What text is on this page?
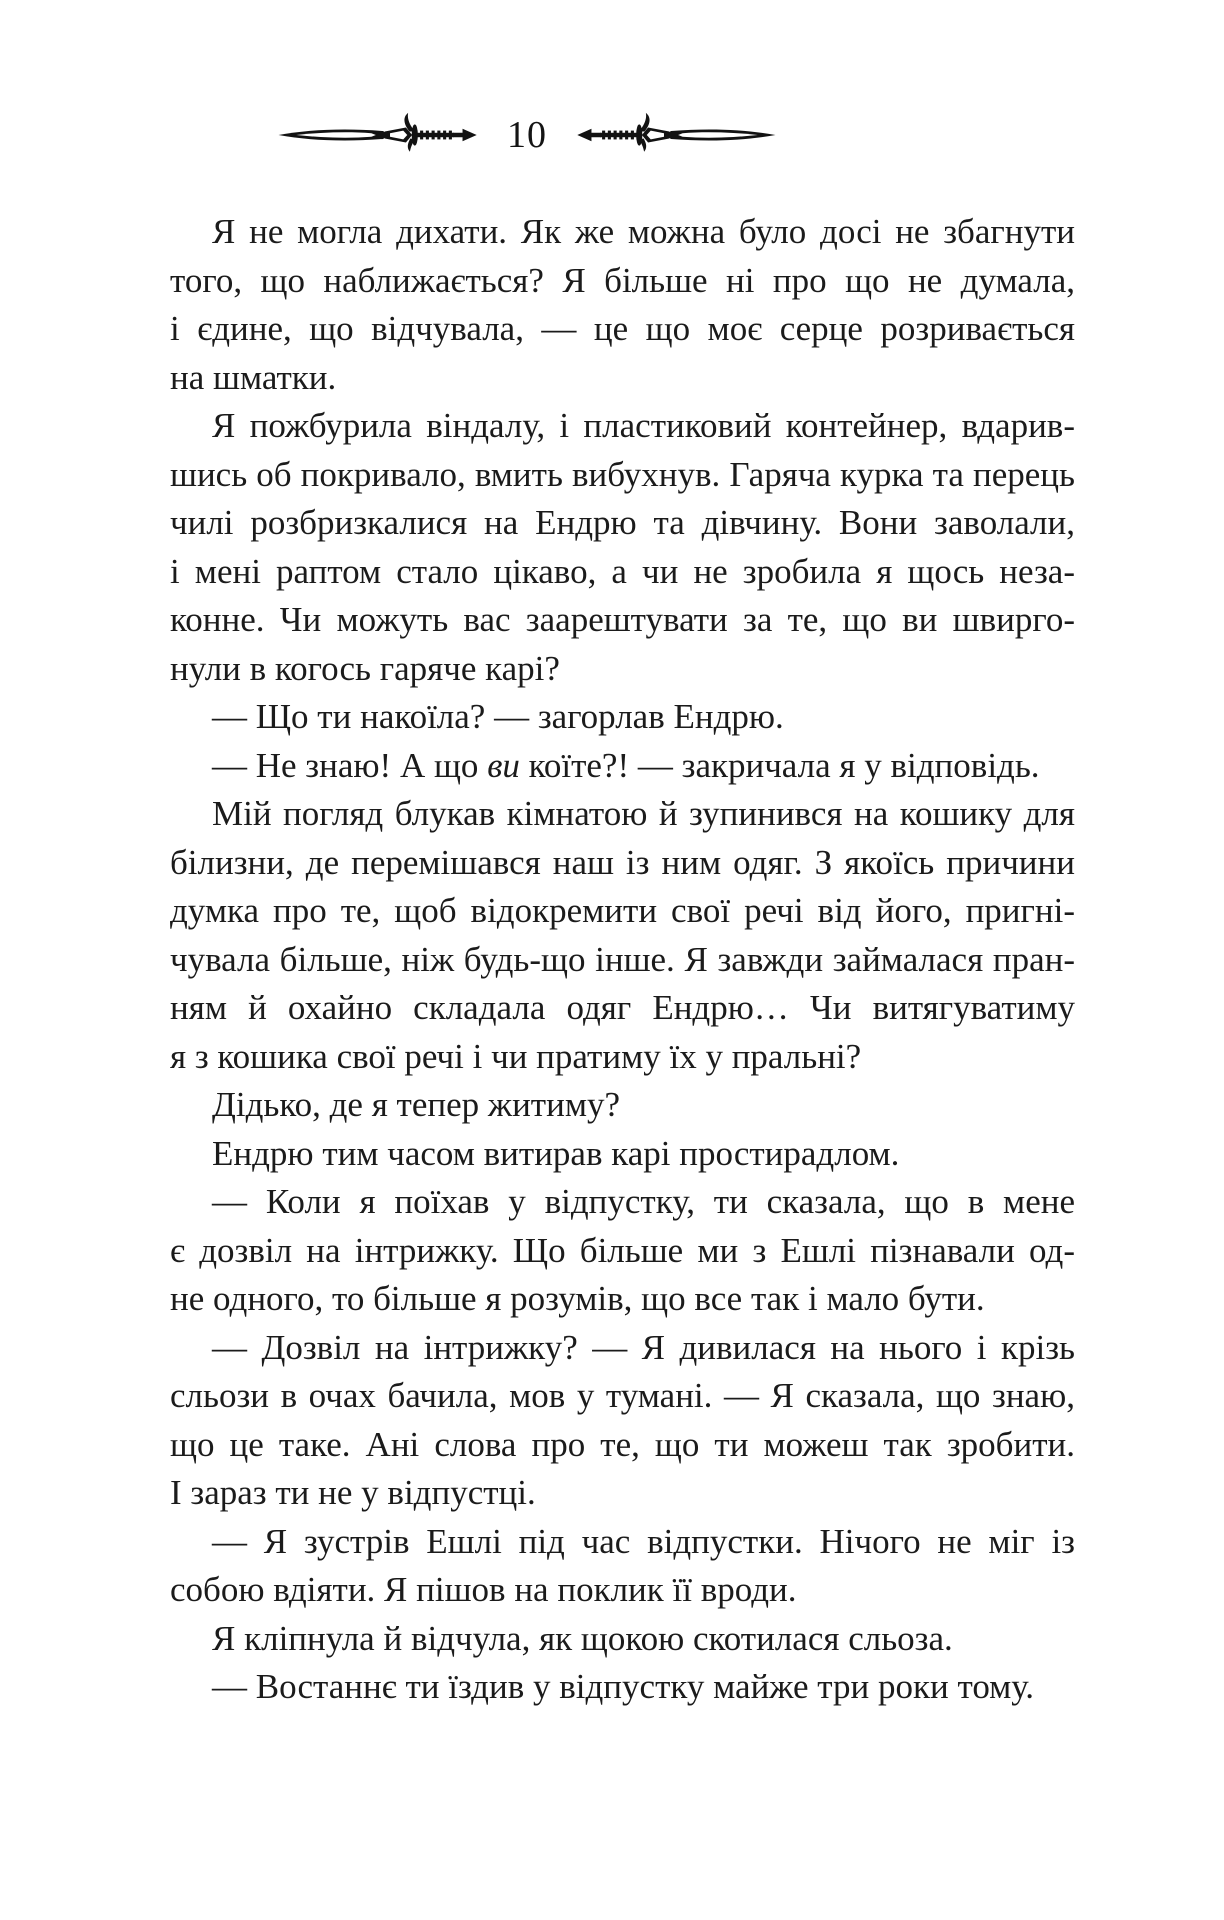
10

Я не могла дихати. Як же можна було досі не збагнути
того, що наближається? Я більше ні про що не думала,
і єдине, що відчувала, — це що моє серце розривається
на шматки.

Я пожбурила віндалу, і пластиковий контейнер, вдарив-
шись об покривало, вмить вибухнув. Гаряча курка та перець
чилі розбризкалися на Ендрю та дівчину. Вони заволали,
і мені раптом стало цікаво, а чи не зробила я щось неза-
конне. Чи можуть вас заарештувати за те, що ви швирго-
нули в когось гаряче карі?

— Що ти накоїла? — загорлав Ендрю.

— Не знаю! А що ви коїте?! — закричала я у відповідь.

Мій погляд блукав кімнатою й зупинився на кошику для
білизни, де перемішався наш із ним одяг. З якоїсь причини
думка про те, щоб відокремити свої речі від його, пригні-
чувала більше, ніж будь-що інше. Я завжди займалася пран-
ням й охайно складала одяг Ендрю… Чи витягуватиму
я з кошика свої речі і чи пратиму їх у пральні?

Дідько, де я тепер житиму?

Ендрю тим часом витирав карі простирадлом.

— Коли я поїхав у відпустку, ти сказала, що в мене
є дозвіл на інтрижку. Що більше ми з Ешлі пізнавали од-
не одного, то більше я розумів, що все так і мало бути.

— Дозвіл на інтрижку? — Я дивилася на нього і крізь
сльози в очах бачила, мов у тумані. — Я сказала, що знаю,
що це таке. Ані слова про те, що ти можеш так зробити.
І зараз ти не у відпустці.

— Я зустрів Ешлі під час відпустки. Нічого не міг із
собою вдіяти. Я пішов на поклик її вроди.

Я кліпнула й відчула, як щокою скотилася сльоза.

— Востаннє ти їздив у відпустку майже три роки тому.
